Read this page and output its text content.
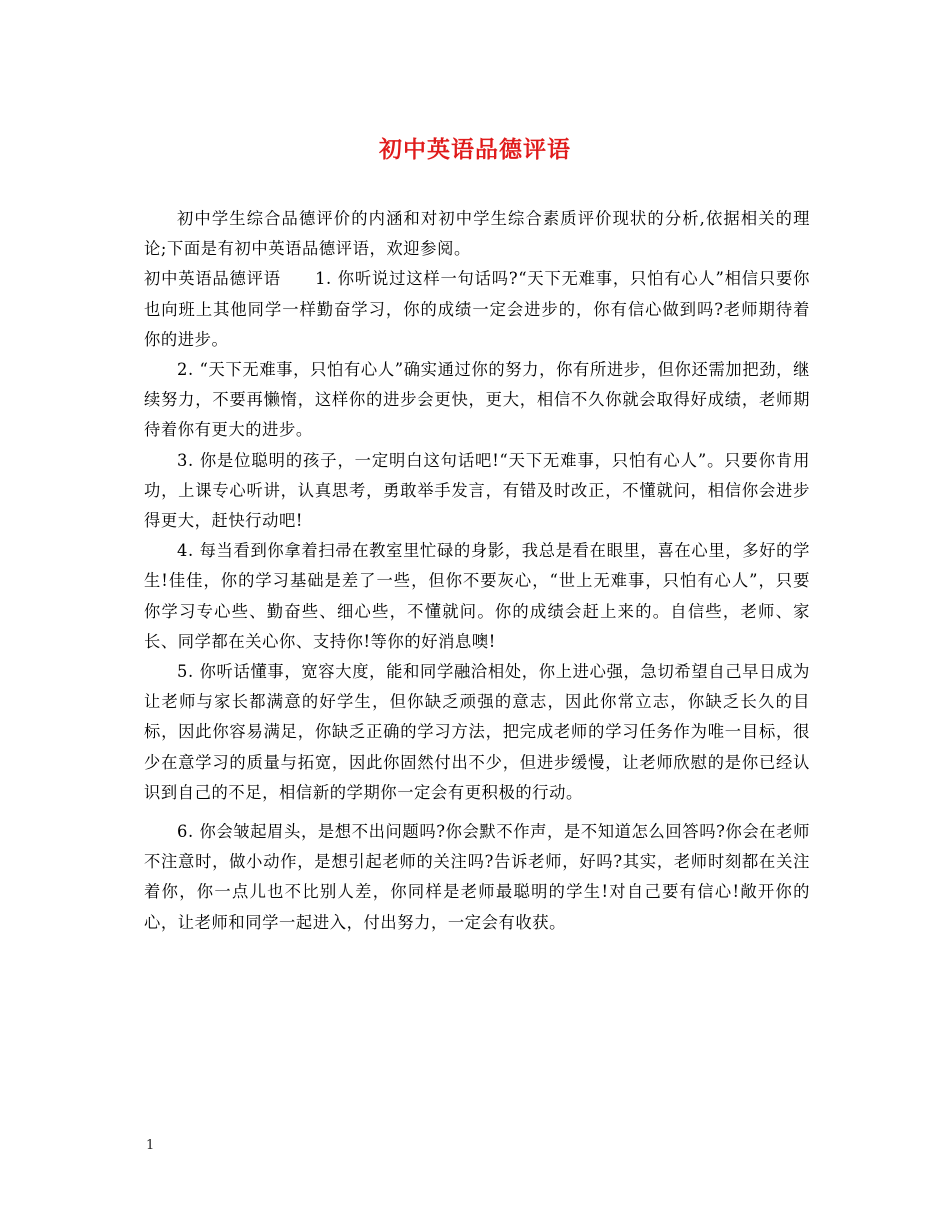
初中英语品德评语

初中学生综合品德评价的内涵和对初中学生综合素质评价现状的分析,依据相关的理论;下面是有初中英语品德评语，欢迎参阅。

初中英语品德评语　　1. 你听说过这样一句话吗?“天下无难事，只怕有心人”相信只要你也向班上其他同学一样勤奋学习，你的成绩一定会进步的，你有信心做到吗?老师期待着你的进步。

2. “天下无难事，只怕有心人”确实通过你的努力，你有所进步，但你还需加把劲，继续努力，不要再懒惰，这样你的进步会更快，更大，相信不久你就会取得好成绩，老师期待着你有更大的进步。

3. 你是位聪明的孩子，一定明白这句话吧!“天下无难事，只怕有心人”。只要你肯用功，上课专心听讲，认真思考，勇敢举手发言，有错及时改正，不懂就问，相信你会进步得更大，赶快行动吧!

4. 每当看到你拿着扫帚在教室里忙碌的身影，我总是看在眼里，喜在心里，多好的学生!佳佳，你的学习基础是差了一些，但你不要灰心，“世上无难事，只怕有心人”，只要你学习专心些、勤奋些、细心些，不懂就问。你的成绩会赶上来的。自信些，老师、家长、同学都在关心你、支持你!等你的好消息噢!

5. 你听话懂事，宽容大度，能和同学融洽相处，你上进心强，急切希望自己早日成为让老师与家长都满意的好学生，但你缺乏顽强的意志，因此你常立志，你缺乏长久的目标，因此你容易满足，你缺乏正确的学习方法，把完成老师的学习任务作为唯一目标，很少在意学习的质量与拓宽，因此你固然付出不少，但进步缓慢，让老师欣慰的是你已经认识到自己的不足，相信新的学期你一定会有更积极的行动。

6. 你会皱起眉头，是想不出问题吗?你会默不作声，是不知道怎么回答吗?你会在老师不注意时，做小动作，是想引起老师的关注吗?告诉老师，好吗?其实，老师时刻都在关注着你，你一点儿也不比别人差，你同样是老师最聪明的学生!对自己要有信心!敞开你的心，让老师和同学一起进入，付出努力，一定会有收获。

1
